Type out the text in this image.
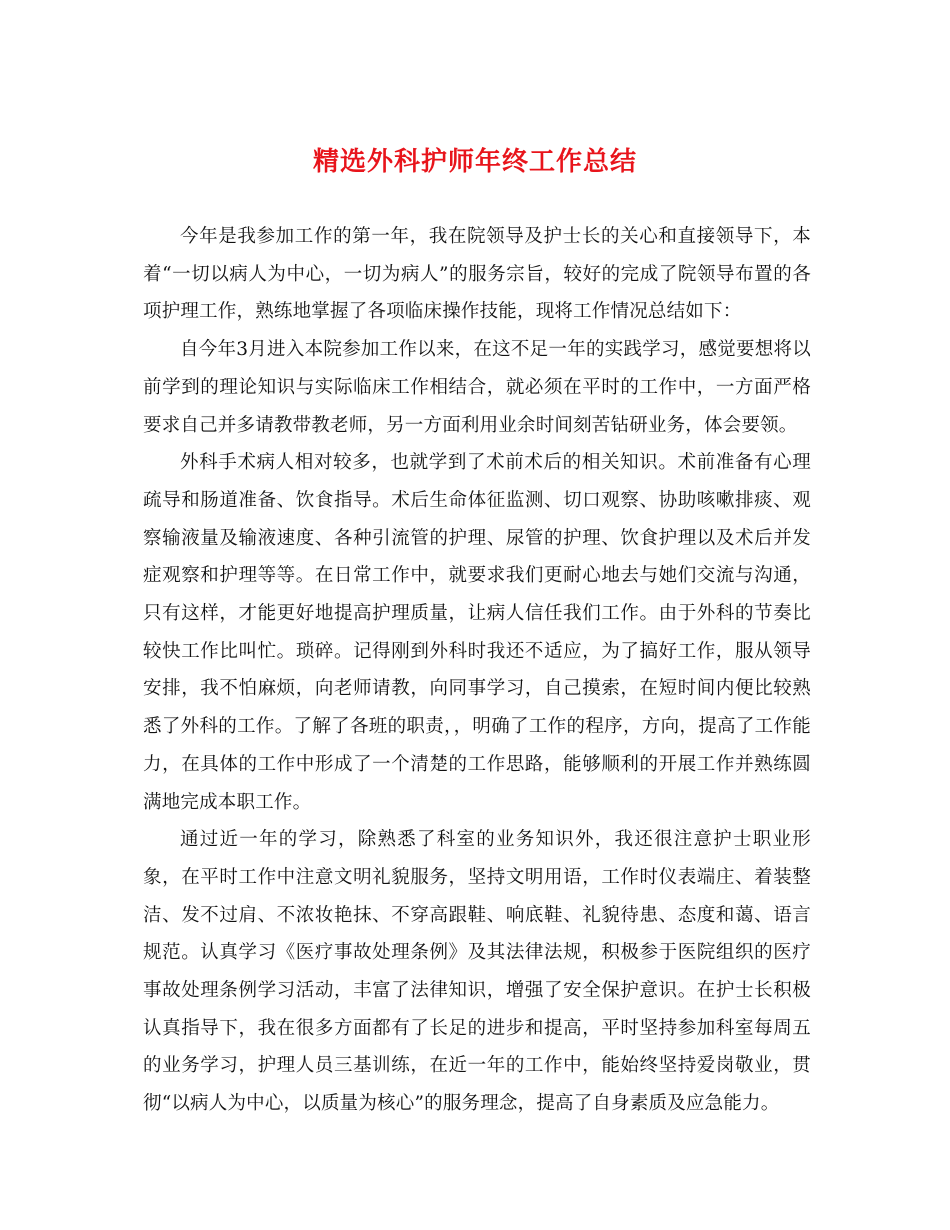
精选外科护师年终工作总结

今年是我参加工作的第一年，我在院领导及护士长的关心和直接领导下，本着“一切以病人为中心，一切为病人”的服务宗旨，较好的完成了院领导布置的各项护理工作，熟练地掌握了各项临床操作技能，现将工作情况总结如下：

自今年3月进入本院参加工作以来，在这不足一年的实践学习，感觉要想将以前学到的理论知识与实际临床工作相结合，就必须在平时的工作中，一方面严格要求自己并多请教带教老师，另一方面利用业余时间刻苦钻研业务，体会要领。

外科手术病人相对较多，也就学到了术前术后的相关知识。术前准备有心理疏导和肠道准备、饮食指导。术后生命体征监测、切口观察、协助咳嗽排痰、观察输液量及输液速度、各种引流管的护理、尿管的护理、饮食护理以及术后并发症观察和护理等等。在日常工作中，就要求我们更耐心地去与她们交流与沟通，只有这样，才能更好地提高护理质量，让病人信任我们工作。由于外科的节奏比较快工作比叫忙。琐碎。记得刚到外科时我还不适应，为了搞好工作，服从领导安排，我不怕麻烦，向老师请教，向同事学习，自己摸索，在短时间内便比较熟悉了外科的工作。了解了各班的职责，，明确了工作的程序，方向，提高了工作能力，在具体的工作中形成了一个清楚的工作思路，能够顺利的开展工作并熟练圆满地完成本职工作。

通过近一年的学习，除熟悉了科室的业务知识外，我还很注意护士职业形象，在平时工作中注意文明礼貌服务，坚持文明用语，工作时仪表端庄、着装整洁、发不过肩、不浓妆艳抹、不穿高跟鞋、响底鞋、礼貌待患、态度和蔼、语言规范。认真学习《医疗事故处理条例》及其法律法规，积极参于医院组织的医疗事故处理条例学习活动，丰富了法律知识，增强了安全保护意识。在护士长积极认真指导下，我在很多方面都有了长足的进步和提高，平时坚持参加科室每周五的业务学习，护理人员三基训练，在近一年的工作中，能始终坚持爱岗敬业，贯彻“以病人为中心，以质量为核心”的服务理念，提高了自身素质及应急能力。
